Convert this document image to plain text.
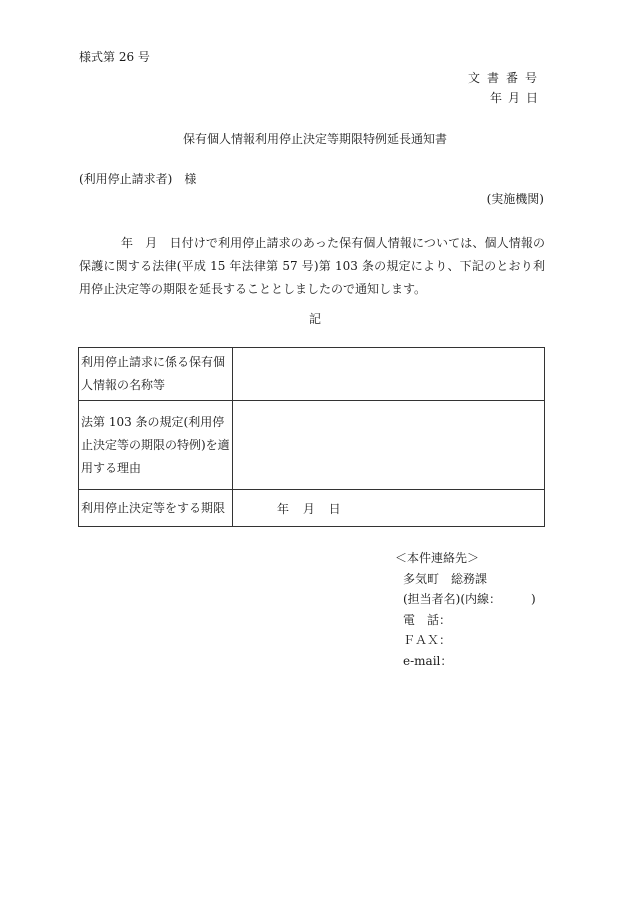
様式第 26 号
文書番号
年月日
保有個人情報利用停止決定等期限特例延長通知書
(利用停止請求者)　様
(実施機関)
年　月　日付けで利用停止請求のあった保有個人情報については、個人情報の保護に関する法律(平成 15 年法律第 57 号)第 103 条の規定により、下記のとおり利用停止決定等の期限を延長することとしましたので通知します。
記
利用停止請求に係る保有個人情報の名称等	
法第 103 条の規定(利用停止決定等の期限の特例)を適用する理由	
利用停止決定等をする期限	年 月 日
＜本件連絡先＞
多気町　総務課
(担当者名)(内線：　　　)
電　話：
ＦＡＸ：
e-mail：
